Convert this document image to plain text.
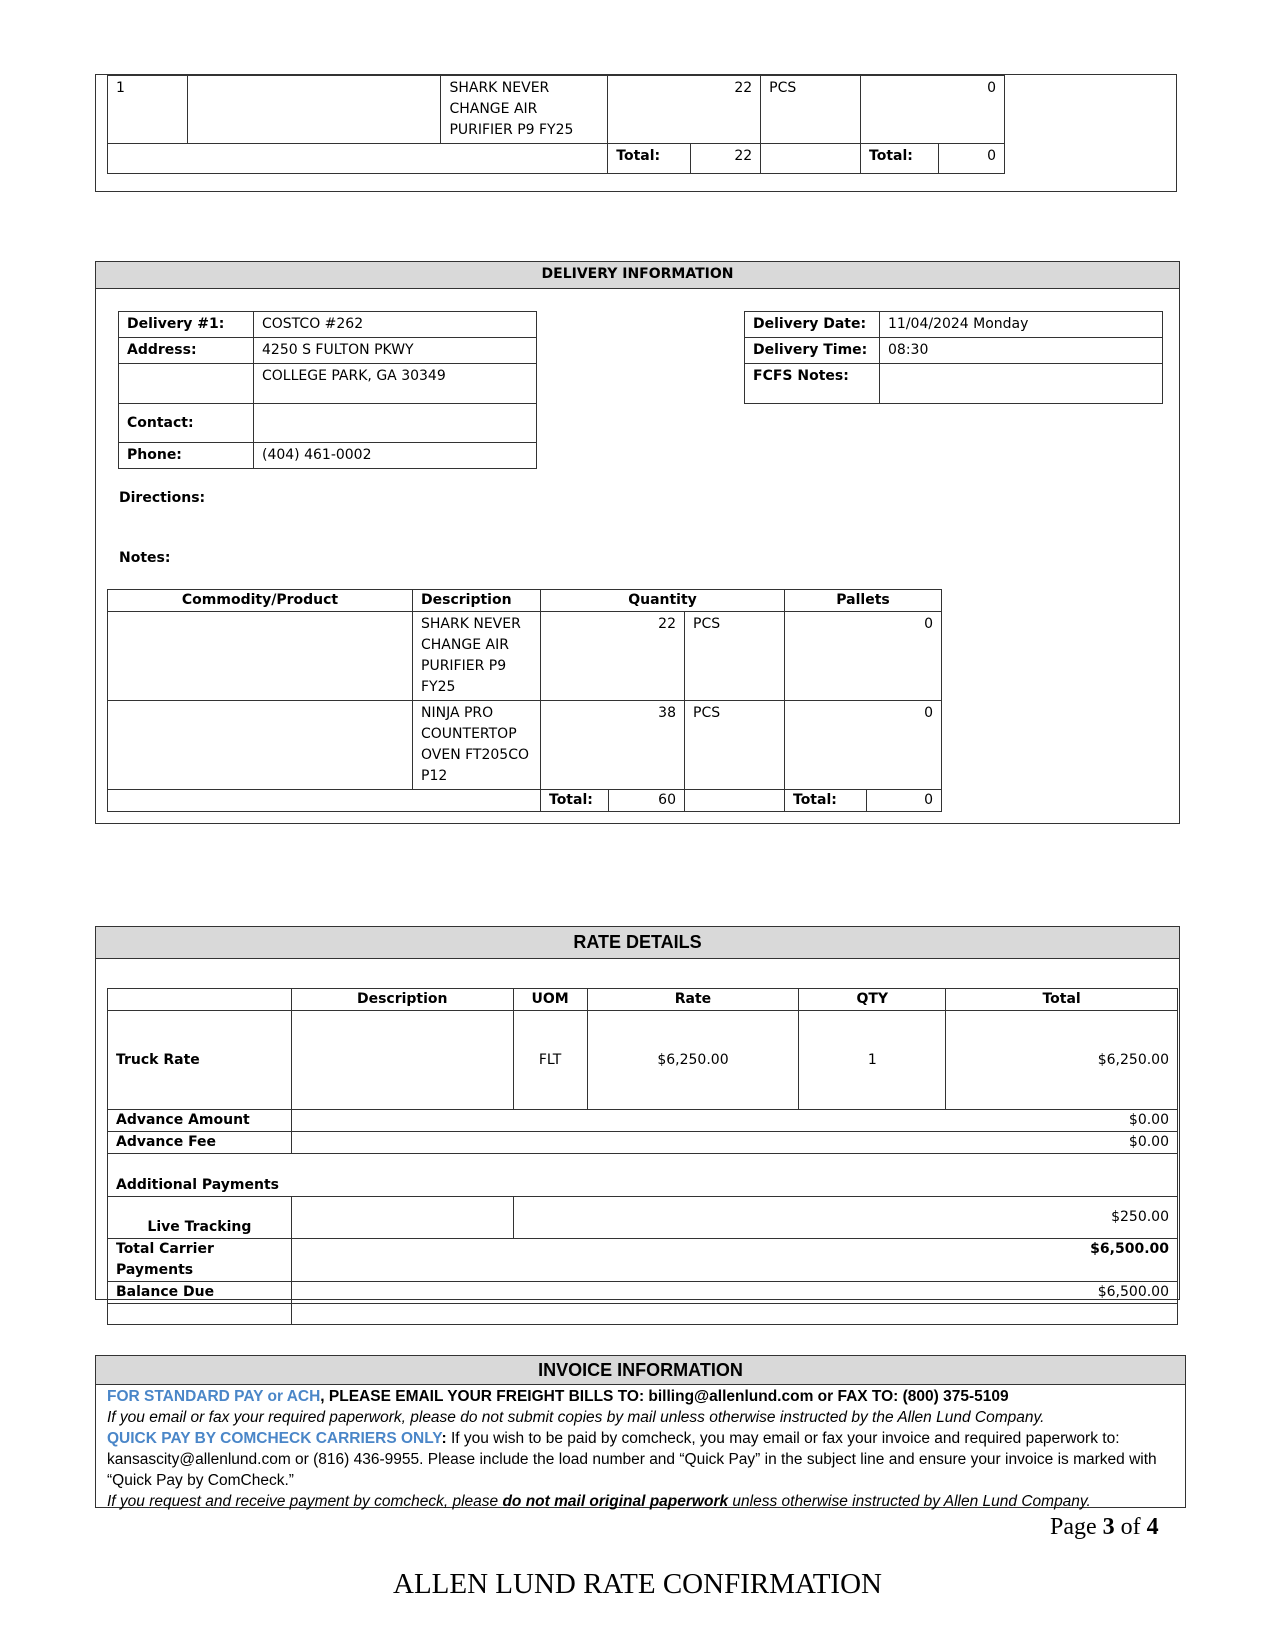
1		SHARK NEVER CHANGE AIR PURIFIER P9 FY25		22	PCS	0	
			Total:	22		Total:	0
DELIVERY INFORMATION
Delivery #1:	COSTCO #262
Address:	4250 S FULTON PKWY
	COLLEGE PARK, GA 30349
Contact:	
Phone:	(404) 461-0002
Delivery Date:	11/04/2024 Monday
Delivery Time:	08:30
FCFS Notes:	
Directions:
Notes:
Commodity/Product	Description	Quantity			Pallets	
	SHARK NEVER CHANGE AIR PURIFIER P9 FY25	22		PCS	0	
	NINJA PRO COUNTERTOP OVEN FT205CO P12	38		PCS	0	
		Total:	60		Total:	0
RATE DETAILS
	Description	UOM	Rate	QTY	Total
Truck Rate		FLT	$6,250.00	1	$6,250.00
Advance Amount	$0.00				
Advance Fee	$0.00				
Additional Payments					
Live Tracking		$250.00			
Total Carrier Payments	$6,500.00				
Balance Due	$6,500.00				

INVOICE INFORMATION
FOR STANDARD PAY or ACH, PLEASE EMAIL YOUR FREIGHT BILLS TO: billing@allenlund.com or FAX TO: (800) 375-5109
If you email or fax your required paperwork, please do not submit copies by mail unless otherwise instructed by the Allen Lund Company.
QUICK PAY BY COMCHECK CARRIERS ONLY: If you wish to be paid by comcheck, you may email or fax your invoice and required paperwork to: kansascity@allenlund.com or (816) 436-9955. Please include the load number and “Quick Pay” in the subject line and ensure your invoice is marked with “Quick Pay by ComCheck.”
If you request and receive payment by comcheck, please do not mail original paperwork unless otherwise instructed by Allen Lund Company.
Page 3 of 4
ALLEN LUND RATE CONFIRMATION
